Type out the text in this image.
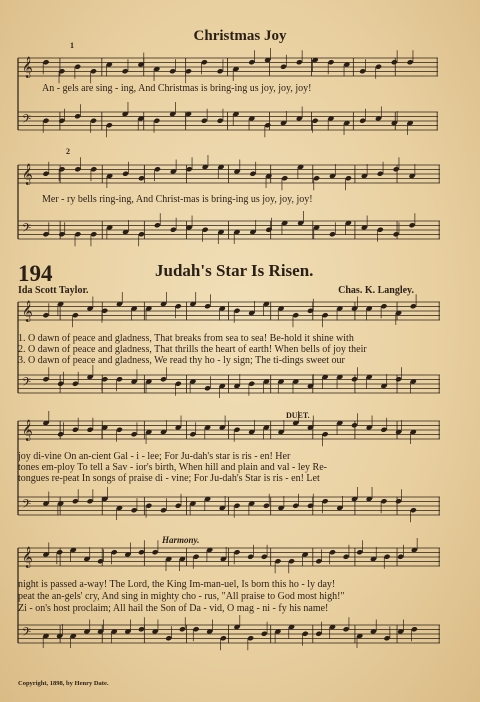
𝄞
𝄢
𝄞
𝄢
𝄞
𝄢
𝄞
𝄢
𝄞
𝄢
Christmas Joy
1
An - gels are sing - ing, And Christmas is bring-ing us joy, joy, joy!
2
Mer - ry bells ring-ing, And Christ-mas is bring-ing us joy, joy, joy!
194	Judah's Star Is Risen.
Ida Scott Taylor.	Chas. K. Langley.
1. O dawn of peace and gladness, That breaks from sea to sea! Be-hold it shine with
2. O dawn of peace and gladness, That thrills the heart of earth! When bells of joy their
3. O dawn of peace and gladness, We read thy ho - ly sign; The ti-dings sweet our
DUET.
joy di-vine On an-cient Gal - i - lee; For Ju-dah's star is ris - en! Her
tones em-ploy To tell a Sav - ior's birth, When hill and plain and val - ley Re-
tongues re-peat In songs of praise di - vine; For Ju-dah's Star is ris - en! Let
Harmony.
night is passed a-way! The Lord, the King Im-man-uel, Is born this ho - ly day!
peat the an-gels' cry, And sing in mighty cho - rus, "All praise to God most high!"
Zi - on's host proclaim; All hail the Son of Da - vid, O mag - ni - fy his name!
Copyright, 1898, by Henry Date.
